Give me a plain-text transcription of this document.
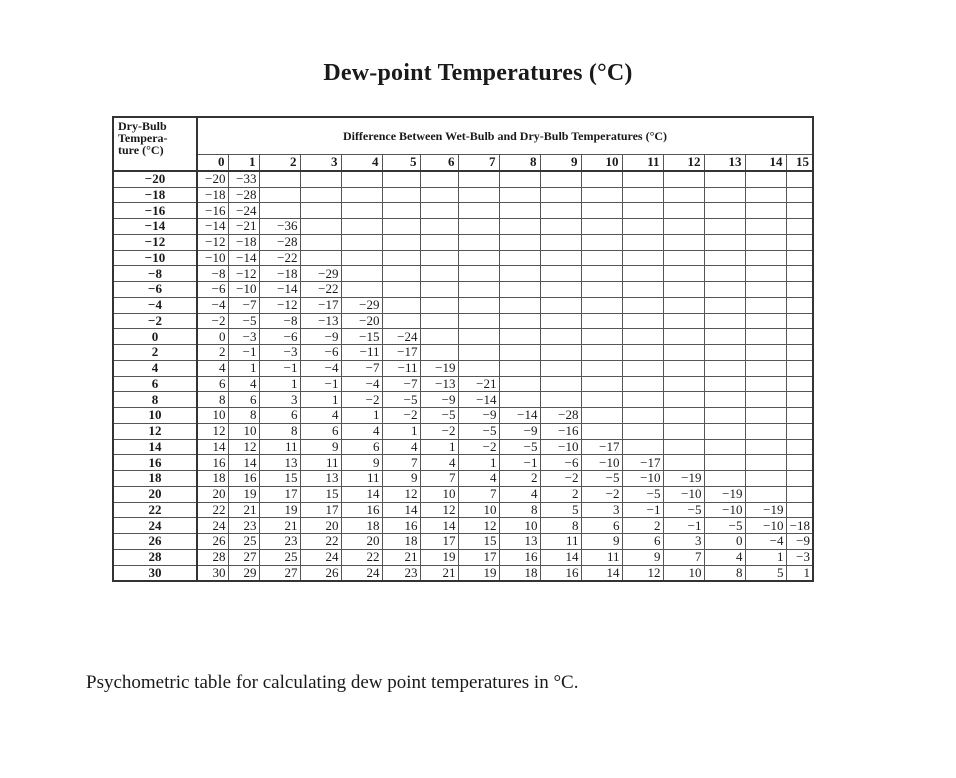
Dew-point Temperatures (°C)
Dry-Bulb
Tempera-
ture (°C)	Difference Between Wet-Bulb and Dry-Bulb Temperatures (°C)															
	0	1	2	3	4	5	6	7	8	9	10	11	12	13	14	15
−20	−20	−33														
−18	−18	−28														
−16	−16	−24														
−14	−14	−21	−36													
−12	−12	−18	−28													
−10	−10	−14	−22													
−8	−8	−12	−18	−29												
−6	−6	−10	−14	−22												
−4	−4	−7	−12	−17	−29											
−2	−2	−5	−8	−13	−20											
0	0	−3	−6	−9	−15	−24										
2	2	−1	−3	−6	−11	−17										
4	4	1	−1	−4	−7	−11	−19									
6	6	4	1	−1	−4	−7	−13	−21								
8	8	6	3	1	−2	−5	−9	−14								
10	10	8	6	4	1	−2	−5	−9	−14	−28						
12	12	10	8	6	4	1	−2	−5	−9	−16						
14	14	12	11	9	6	4	1	−2	−5	−10	−17					
16	16	14	13	11	9	7	4	1	−1	−6	−10	−17				
18	18	16	15	13	11	9	7	4	2	−2	−5	−10	−19			
20	20	19	17	15	14	12	10	7	4	2	−2	−5	−10	−19		
22	22	21	19	17	16	14	12	10	8	5	3	−1	−5	−10	−19	
24	24	23	21	20	18	16	14	12	10	8	6	2	−1	−5	−10	−18
26	26	25	23	22	20	18	17	15	13	11	9	6	3	0	−4	−9
28	28	27	25	24	22	21	19	17	16	14	11	9	7	4	1	−3
30	30	29	27	26	24	23	21	19	18	16	14	12	10	8	5	1
Psychometric table for calculating dew point temperatures in °C.
